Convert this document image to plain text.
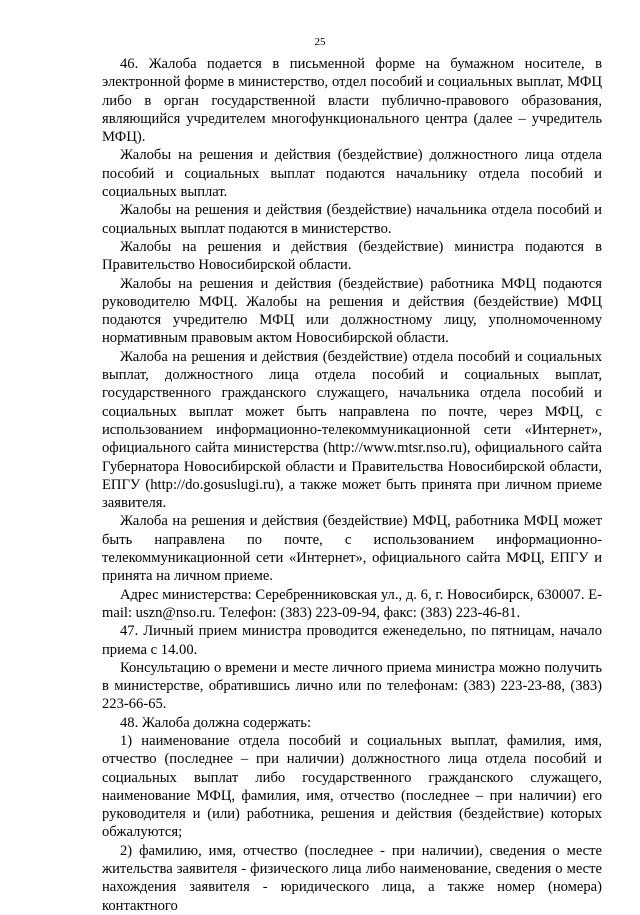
25

46. Жалоба подается в письменной форме на бумажном носителе, в электронной форме в министерство, отдел пособий и социальных выплат, МФЦ либо в орган государственной власти публично-правового образования, являющийся учредителем многофункционального центра (далее – учредитель МФЦ).

Жалобы на решения и действия (бездействие) должностного лица отдела пособий и социальных выплат подаются начальнику отдела пособий и социальных выплат.

Жалобы на решения и действия (бездействие) начальника отдела пособий и социальных выплат подаются в министерство.

Жалобы на решения и действия (бездействие) министра подаются в Правительство Новосибирской области.

Жалобы на решения и действия (бездействие) работника МФЦ подаются руководителю МФЦ. Жалобы на решения и действия (бездействие) МФЦ подаются учредителю МФЦ или должностному лицу, уполномоченному нормативным правовым актом Новосибирской области.

Жалоба на решения и действия (бездействие) отдела пособий и социальных выплат, должностного лица отдела пособий и социальных выплат, государственного гражданского служащего, начальника отдела пособий и социальных выплат может быть направлена по почте, через МФЦ, с использованием информационно-телекоммуникационной сети «Интернет», официального сайта министерства (http://www.mtsr.nso.ru), официального сайта Губернатора Новосибирской области и Правительства Новосибирской области, ЕПГУ (http://do.gosuslugi.ru), а также может быть принята при личном приеме заявителя.

Жалоба на решения и действия (бездействие) МФЦ, работника МФЦ может быть направлена по почте, с использованием информационно-телекоммуникационной сети «Интернет», официального сайта МФЦ, ЕПГУ и принята на личном приеме.

Адрес министерства: Серебренниковская ул., д. 6, г. Новосибирск, 630007. E-mail: uszn@nso.ru. Телефон: (383) 223-09-94, факс: (383) 223-46-81.

47. Личный прием министра проводится еженедельно, по пятницам, начало приема с 14.00.

Консультацию о времени и месте личного приема министра можно получить в министерстве, обратившись лично или по телефонам: (383) 223-23-88, (383) 223-66-65.

48. Жалоба должна содержать:

1) наименование отдела пособий и социальных выплат, фамилия, имя, отчество (последнее – при наличии) должностного лица отдела пособий и социальных выплат либо государственного гражданского служащего, наименование МФЦ, фамилия, имя, отчество (последнее – при наличии) его руководителя и (или) работника, решения и действия (бездействие) которых обжалуются;

2) фамилию, имя, отчество (последнее - при наличии), сведения о месте жительства заявителя - физического лица либо наименование, сведения о месте нахождения заявителя - юридического лица, а также номер (номера) контактного
